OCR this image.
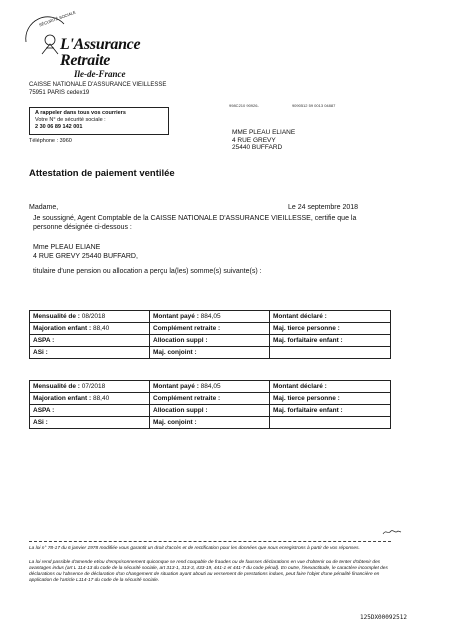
SÉCURITÉ SOCIALE
L'Assurance
Retraite
Ile-de-France
CAISSE NATIONALE D'ASSURANCE VIEILLESSE
75951 PARIS cedex19
A rappeler dans tous vos courriers
Votre N° de sécurité sociale :
2 30 06 89 142 001
Téléphone : 3960
998C210 90926-	9090512 59 0013 04887
MME PLEAU ELIANE
4 RUE GREVY
25440 BUFFARD
Attestation de paiement ventilée
Madame,	Le 24 septembre 2018
Je soussigné, Agent Comptable de la CAISSE NATIONALE D'ASSURANCE VIEILLESSE, certifie que la personne désignée ci-dessous :
Mme PLEAU ELIANE
4 RUE GREVY 25440 BUFFARD,
titulaire d'une pension ou allocation a perçu la(les) somme(s) suivante(s) :
Mensualité de : 08/2018	Montant payé : 884,05	Montant déclaré :
Majoration enfant : 88,40	Complément retraite :	Maj. tierce personne :
ASPA :	Allocation suppl :	Maj. forfaitaire enfant :
ASi :	Maj. conjoint :	
Mensualité de : 07/2018	Montant payé : 884,05	Montant déclaré :
Majoration enfant : 88,40	Complément retraite :	Maj. tierce personne :
ASPA :	Allocation suppl :	Maj. forfaitaire enfant :
ASi :	Maj. conjoint :	
La loi n° 78-17 du 6 janvier 1978 modifiée vous garantit un droit d'accès et de rectification pour les données que nous enregistrons à partir de vos réponses.
La loi rend passible d'amende et/ou d'emprisonnement quiconque se rend coupable de fraudes ou de fausses déclarations en vue d'obtenir ou de tenter d'obtenir des avantages indus (art L 114-13 du code de la sécurité sociale, art 313-1, 313-3, 433-19, 441-1 et 441-7 du code pénal). En outre, l'inexactitude, le caractère incomplet des déclarations ou l'absence de déclaration d'un changement de situation ayant abouti au versement de prestations indues, peut faire l'objet d'une pénalité financière en application de l'article L114-17 du code de la sécurité sociale.
125DX00092512
